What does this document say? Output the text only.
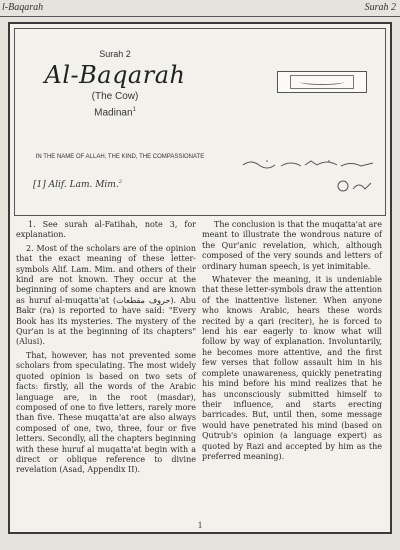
l-Baqarah	Surah 2
Surah 2
Al-Baqarah
(The Cow)
Madinan$^1$
IN THE NAME OF ALLAH, THE KIND, THE COMPASSIONATE
[1] Alif. Lam. Mim.$^2$

1. See surah al-Fatihah, note 3, for explanation.

2. Most of the scholars are of the opinion that the exact meaning of these letter-symbols Alif. Lam. Mim. and others of their kind are not known. They occur at the beginning of some chapters and are known as huruf al-muqatta'at (حروف مقطعات). Abu Bakr (ra) is reported to have said: "Every Book has its mysteries. The mystery of the Qur'an is at the beginning of its chapters" (Alusi).

That, however, has not prevented some scholars from speculating. The most widely quoted opinion is based on two sets of facts: firstly, all the words of the Arabic language are, in the root (masdar), composed of one to five letters, rarely more than five. These muqatta'at are also always composed of one, two, three, four or five letters. Secondly, all the chapters beginning with these huruf al muqatta'at begin with a direct or oblique reference to divine revelation (Asad, Appendix II).

The conclusion is that the muqatta'at are meant to illustrate the wondrous nature of the Qur'anic revelation, which, although composed of the very sounds and letters of ordinary human speech, is yet inimitable.

Whatever the meaning, it is undeniable that these letter-symbols draw the attention of the inattentive listener. When anyone who knows Arabic, hears these words recited by a qari (reciter), he is forced to lend his ear eagerly to know what will follow by way of explanation. Involuntarily, he becomes more attentive, and the first few verses that follow assault him in his complete unawareness, quickly penetrating his mind before his mind realizes that he has unconsciously submitted himself to their influence, and starts erecting barricades. But, until then, some message would have penetrated his mind (based on Qutrub's opinion (a language expert) as quoted by Razi and accepted by him as the preferred meaning).

1
